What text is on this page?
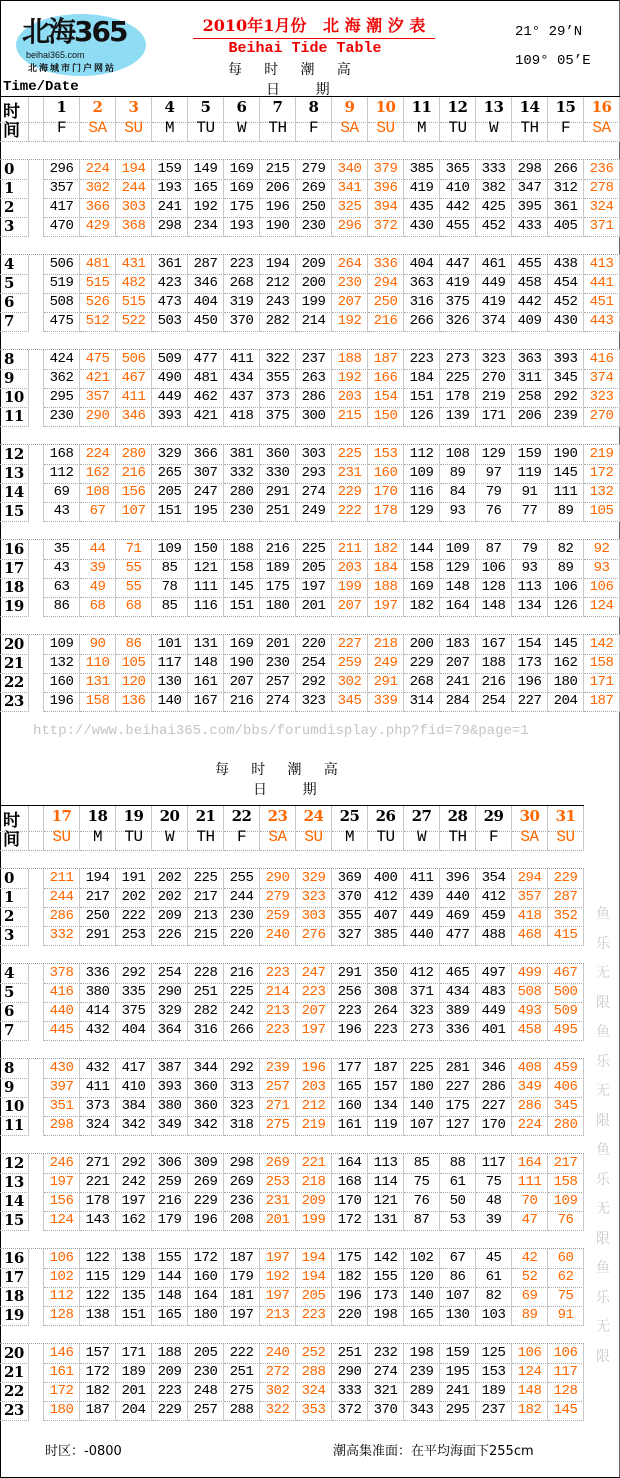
北海365
beihai365.com
北海城市门户网站
2010年1月份   北 海 潮 汐 表
Beihai Tide Table
每     时     潮     高
日        期
Time/Date
21° 29’N
109° 05’E
时	1	2	3	4	5	6	7	8	9	10	11	12	13	14	15	16
间	F	SA	SU	M	TU	W	TH	F	SA	SU	M	TU	W	TH	F	SA
0	296 224 194 159 149 169 215 279 340 379 385 365 333 298 266 236
1	357 302 244 193 165 169 206 269 341 396 419 410 382 347 312 278
2	417 366 303 241 192 175 196 250 325 394 435 442 425 395 361 324
3	470 429 368 298 234 193 190 230 296 372 430 455 452 433 405 371
4	506 481 431 361 287 223 194 209 264 336 404 447 461 455 438 413
5	519 515 482 423 346 268 212 200 230 294 363 419 449 458 454 441
6	508 526 515 473 404 319 243 199 207 250 316 375 419 442 452 451
7	475 512 522 503 450 370 282 214 192 216 266 326 374 409 430 443
8	424 475 506 509 477 411 322 237 188 187 223 273 323 363 393 416
9	362 421 467 490 481 434 355 263 192 166 184 225 270 311 345 374
10	295 357 411 449 462 437 373 286 203 154 151 178 219 258 292 323
11	230 290 346 393 421 418 375 300 215 150 126 139 171 206 239 270
12	168 224 280 329 366 381 360 303 225 153 112 108 129 159 190 219
13	112 162 216 265 307 332 330 293 231 160 109	89	97	119 145 172
14	69	108 156 205 247 280 291 274 229 170 116	84	79	91	111 132
15	43	67	107 151 195 230 251 249 222 178 129	93	76	77	89	105
16	35	44	71	109 150 188 216 225 211 182 144 109	87	79	82	92
17	43	39	55	85	121 158 189 205 203 184 158 129 106	93	89	93
18	63	49	55	78	111 145 175 197 199 188 169 148 128 113 106 106
19	86	68	68	85	116 151 180 201 207 197 182 164 148 134 126 124
20	109	90	86	101 131 169 201 220 227 218 200 183 167 154 145 142
21	132 110 105 117 148 190 230 254 259 249 229 207 188 173 162 158
22	160 131 120 130 161 207 257 292 302 291 268 241 216 196 180 171
23	196 158 136 140 167 216 274 323 345 339 314 284 254 227 204 187
http://www.beihai365.com/bbs/forumdisplay.php?fid=79&page=1
每     时     潮     高
日        期
时	17	18	19	20	21	22	23	24	25	26	27	28	29	30	31
间	SU	M	TU	W	TH	F	SA	SU	M	TU	W	TH	F	SA	SU
0	211 194 191 202 225 255 290 329 369 400 411 396 354 294 229
1	244 217 202 202 217 244 279 323 370 412 439 440 412 357 287
2	286 250 222 209 213 230 259 303 355 407 449 469 459 418 352
3	332 291 253 226 215 220 240 276 327 385 440 477 488 468 415
4	378 336 292 254 228 216 223 247 291 350 412 465 497 499 467
5	416 380 335 290 251 225 214 223 256 308 371 434 483 508 500
6	440 414 375 329 282 242 213 207 223 264 323 389 449 493 509
7	445 432 404 364 316 266 223 197 196 223 273 336 401 458 495
8	430 432 417 387 344 292 239 196 177 187 225 281 346 408 459
9	397 411 410 393 360 313 257 203 165 157 180 227 286 349 406
10	351 373 384 380 360 323 271 212 160 134 140 175 227 286 345
11	298 324 342 349 342 318 275 219 161 119 107 127 170 224 280
12	246 271 292 306 309 298 269 221 164 113	85	88	117 164 217
13	197 221 242 259 269 269 253 218 168 114	75	61	75	111 158
14	156 178 197 216 229 236 231 209 170 121	76	50	48	70	109
15	124 143 162 179 196 208 201 199 172 131	87	53	39	47	76
16	106 122 138 155 172 187 197 194 175 142 102	67	45	42	60
17	102 115 129 144 160 179 192 194 182 155 120	86	61	52	62
18	112 122 135 148 164 181 197 205 196 173 140 107	82	69	75
19	128 138 151 165 180 197 213 223 220 198 165 130 103	89	91
20	146 157 171 188 205 222 240 252 251 232 198 159 125 106 106
21	161 172 189 209 230 251 272 288 290 274 239 195 153 124 117
22	172 182 201 223 248 275 302 324 333 321 289 241 189 148 128
23	180 187 204 229 257 288 322 353 372 370 343 295 237 182 145
鱼乐无限鱼乐无限鱼乐无限鱼乐无限
时区：-0800	潮高集准面：在平均海面下255cm
